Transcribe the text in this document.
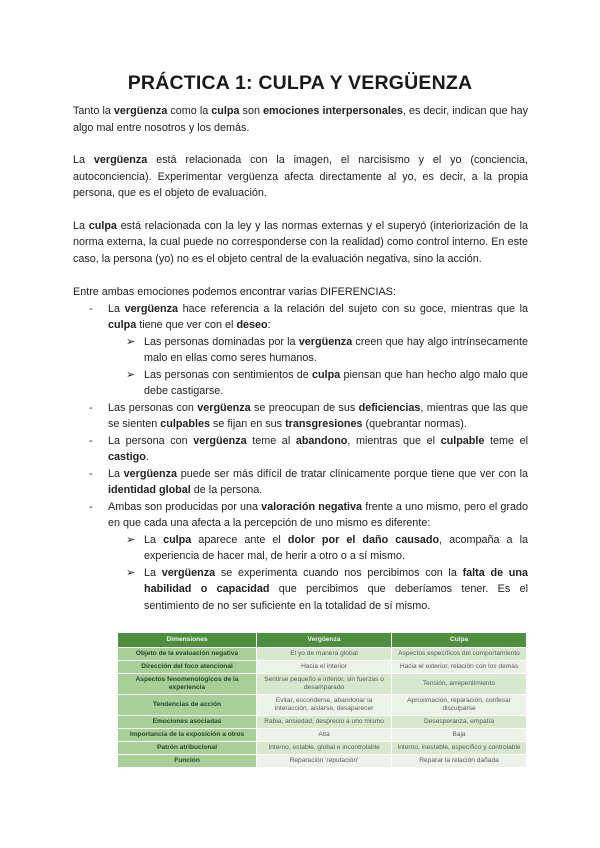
PRÁCTICA 1: CULPA Y VERGÜENZA

Tanto la vergüenza como la culpa son emociones interpersonales, es decir, indican que hay algo mal entre nosotros y los demás.

La vergüenza está relacionada con la imagen, el narcisismo y el yo (conciencia, autoconciencia). Experimentar vergüenza afecta directamente al yo, es decir, a la propia persona, que es el objeto de evaluación.

La culpa está relacionada con la ley y las normas externas y el superyó (interiorización de la norma externa, la cual puede no corresponderse con la realidad) como control interno. En este caso, la persona (yo) no es el objeto central de la evaluación negativa, sino la acción.

Entre ambas emociones podemos encontrar varias DIFERENCIAS:

- La vergüenza hace referencia a la relación del sujeto con su goce, mientras que la culpa tiene que ver con el deseo:
➢ Las personas dominadas por la vergüenza creen que hay algo intrínsecamente malo en ellas como seres humanos.
➢ Las personas con sentimientos de culpa piensan que han hecho algo malo que debe castigarse.
- Las personas con vergüenza se preocupan de sus deficiencias, mientras que las que se sienten culpables se fijan en sus transgresiones (quebrantar normas).
- La persona con vergüenza teme al abandono, mientras que el culpable teme el castigo.
- La vergüenza puede ser más difícil de tratar clínicamente porque tiene que ver con la identidad global de la persona.
- Ambas son producidas por una valoración negativa frente a uno mismo, pero el grado en que cada una afecta a la percepción de uno mismo es diferente:
➢ La culpa aparece ante el dolor por el daño causado, acompaña a la experiencia de hacer mal, de herir a otro o a sí mismo.
➢ La vergüenza se experimenta cuando nos percibimos con la falta de una habilidad o capacidad que percibimos que deberíamos tener. Es el sentimiento de no ser suficiente en la totalidad de sí mismo.
Dimensiones	Vergüenza	Culpa
Objeto de la evaluación negativa	El yo de manera global	Aspectos específicos del comportamiento
Dirección del foco atencional	Hacia el interior	Hacia el exterior, relación con los demás
Aspectos fenomenológicos de la experiencia	Sentirse pequeño e inferior, sin fuerzas o desamparado	Tensión, arrepentimiento
Tendencias de acción	Evitar, esconderse, abandonar la interacción, aislarse, desaparecer	Aproximación, reparación, confesar disculparse
Emociones asociadas	Rabia, ansiedad, desprecio a uno mismo	Desesperanza, empatía
Importancia de la exposición a otros	Alta	Baja
Patrón atribucional	Interno, estable, global e incontrolable	Interno, inestable, específico y controlable
Función	Reparación 'reputación'	Reparar la relación dañada
